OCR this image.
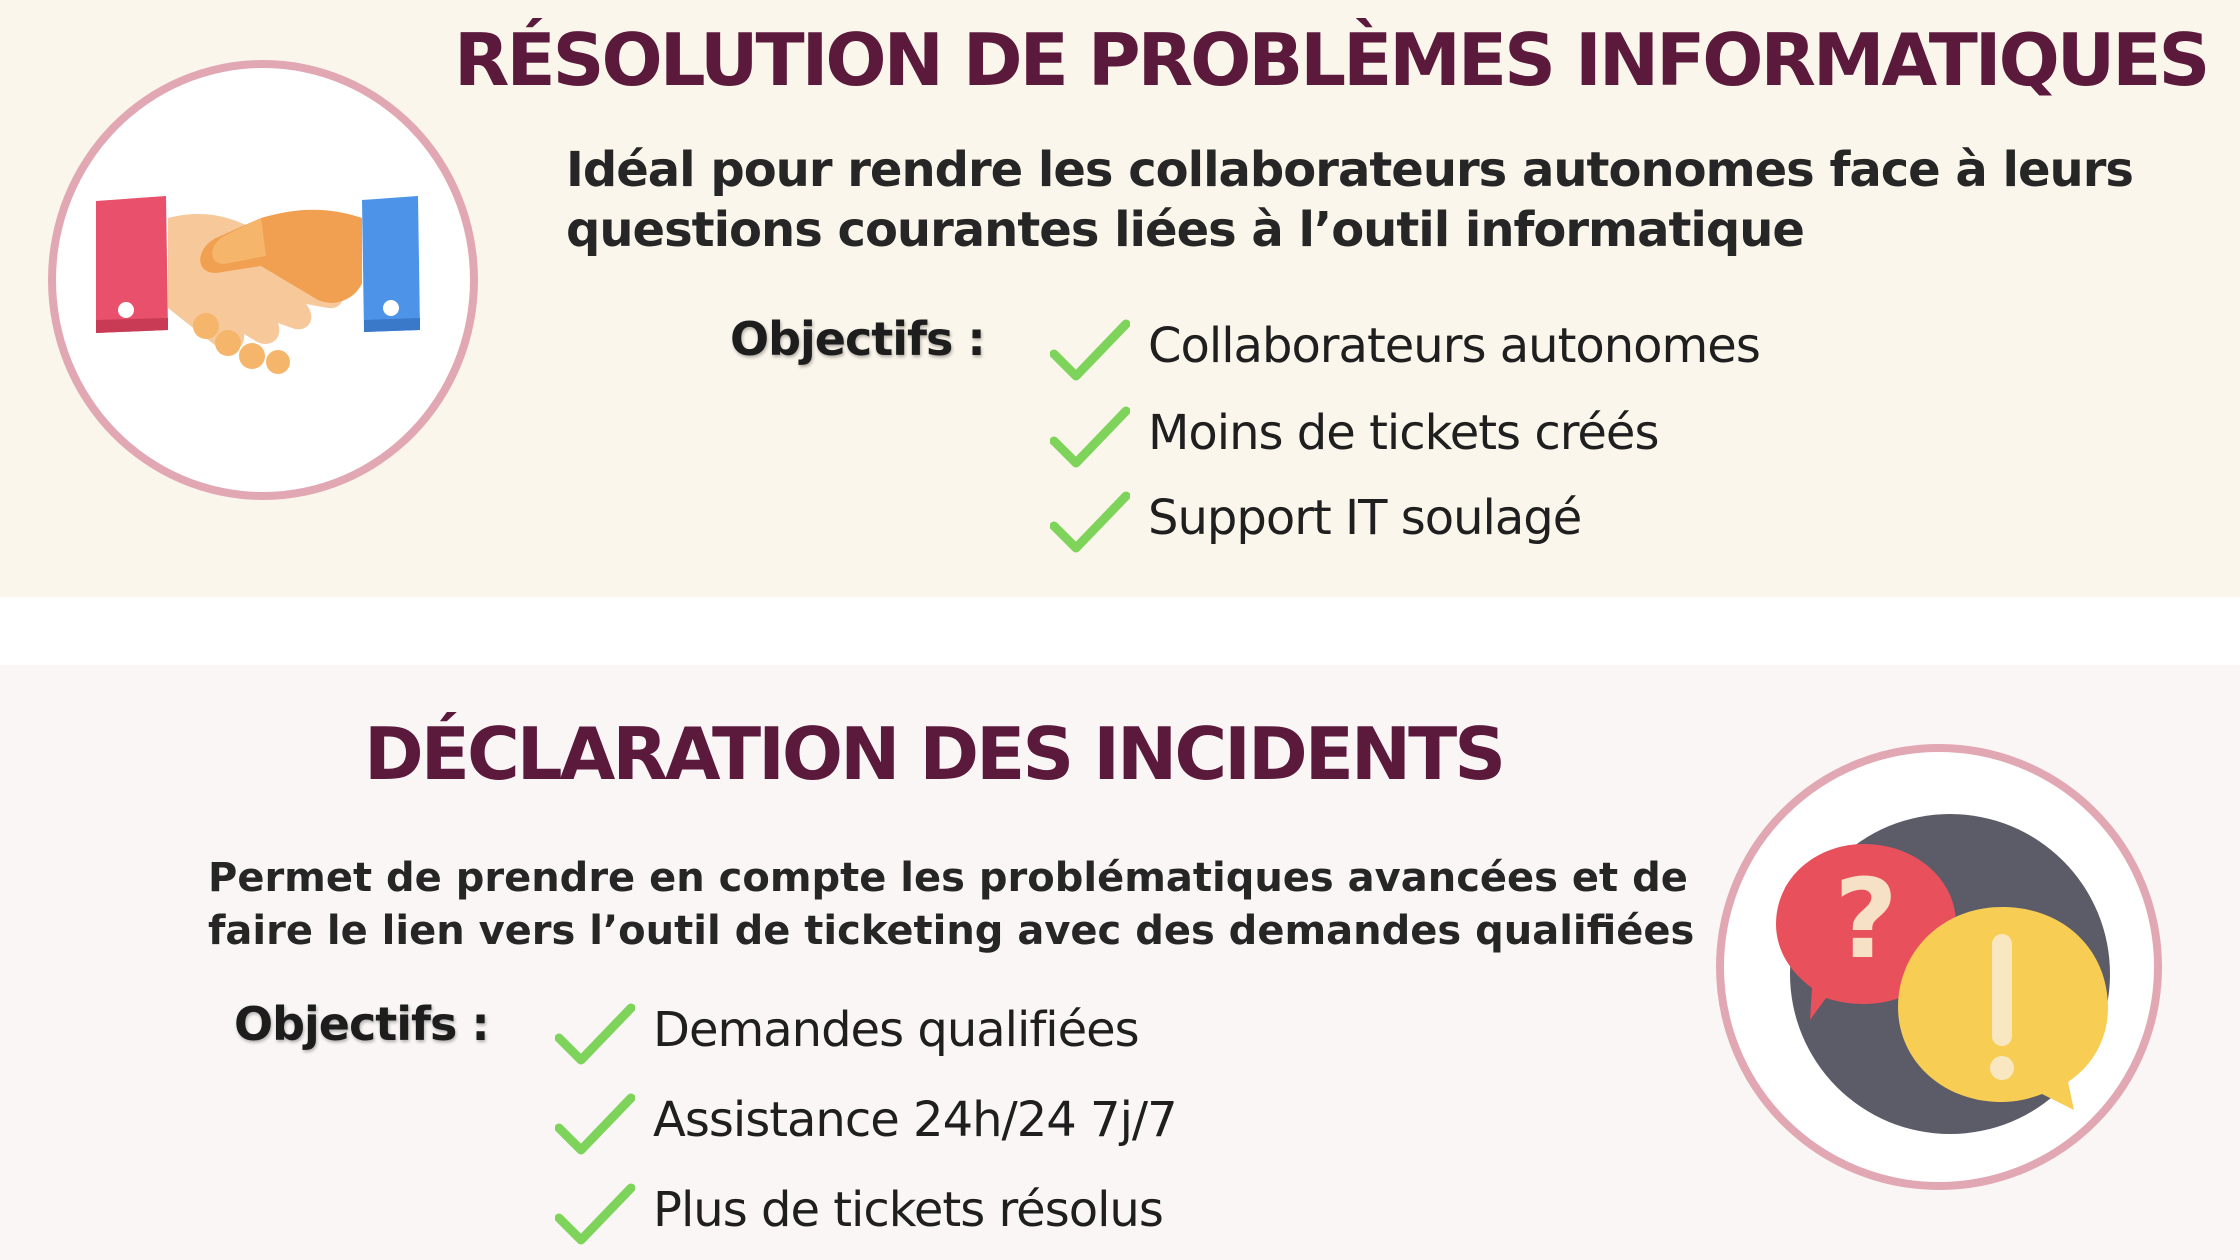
RÉSOLUTION DE PROBLÈMES INFORMATIQUES

Idéal pour rendre les collaborateurs autonomes face à leurs
questions courantes liées à l’outil informatique

Objectifs :	Collaborateurs autonomes
Moins de tickets créés
Support IT soulagé
DÉCLARATION DES INCIDENTS

Permet de prendre en compte les problématiques avancées et de
faire le lien vers l’outil de ticketing avec des demandes qualifiées

Objectifs :	Demandes qualifiées
Assistance 24h/24 7j/7
Plus de tickets résolus
?
